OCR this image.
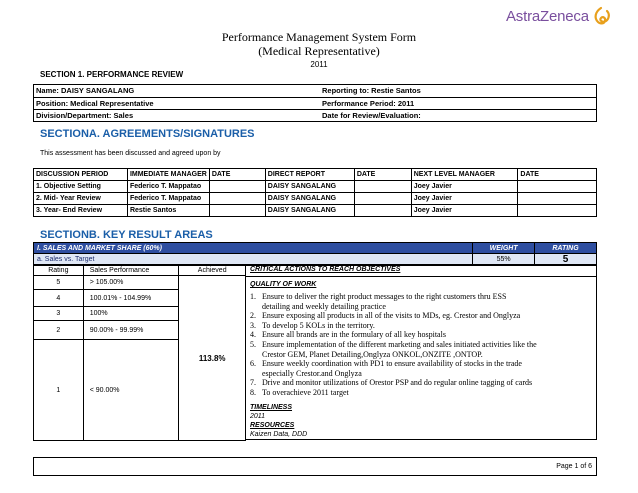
Performance Management System Form
(Medical Representative)
2011
AstraZeneca
SECTION 1. PERFORMANCE REVIEW
Name: DAISY SANGALANG	Reporting to: Restie Santos
Position: Medical Representative	Performance Period: 2011
Division/Department: Sales	Date for Review/Evaluation:
SECTIONA. AGREEMENTS/SIGNATURES
This assessment has been discussed and agreed upon by
DISCUSSION PERIOD	IMMEDIATE MANAGER	DATE	DIRECT REPORT	DATE	NEXT LEVEL MANAGER	DATE
1. Objective Setting	Federico T. Mappatao		DAISY SANGALANG		Joey Javier	
2. Mid- Year Review	Federico T. Mappatao		DAISY SANGALANG		Joey Javier	
3. Year- End Review	Restie Santos		DAISY SANGALANG		Joey Javier	
SECTIONB. KEY RESULT AREAS
I. SALES AND MARKET SHARE (60%)	WEIGHT	RATING
a. Sales vs. Target	55%	5
Rating	Sales Performance	Achieved
5	> 105.00%	113.8%
4	100.01% - 104.99%	
3	100%	
2	90.00% - 99.99%	
1	< 90.00%	
CRITICAL ACTIONS TO REACH OBJECTIVES
QUALITY OF WORK
1. Ensure to deliver the right product messages to the right customers thru ESS
detailing and weekly detailing practice
2. Ensure exposing all products in all of the visits to MDs, eg. Crestor and Onglyza
3. To develop 5 KOLs in the territory.
4. Ensure all brands are in the formulary of all key hospitals
5. Ensure implementation of the different marketing and sales initiated activities like the
Crestor GEM, Planet Detailing,Onglyza ONKOL,ONZITE ,ONTOP.
6. Ensure weekly coordination with PD1 to ensure availability of stocks in the trade
especially Crestor.and Onglyza
7. Drive and monitor utilizations of Orestor PSP and do regular online tagging of cards
8. To overachieve 2011 target
TIMELINESS
2011
RESOURCES
Kaizen Data, DDD
Page 1 of 6
